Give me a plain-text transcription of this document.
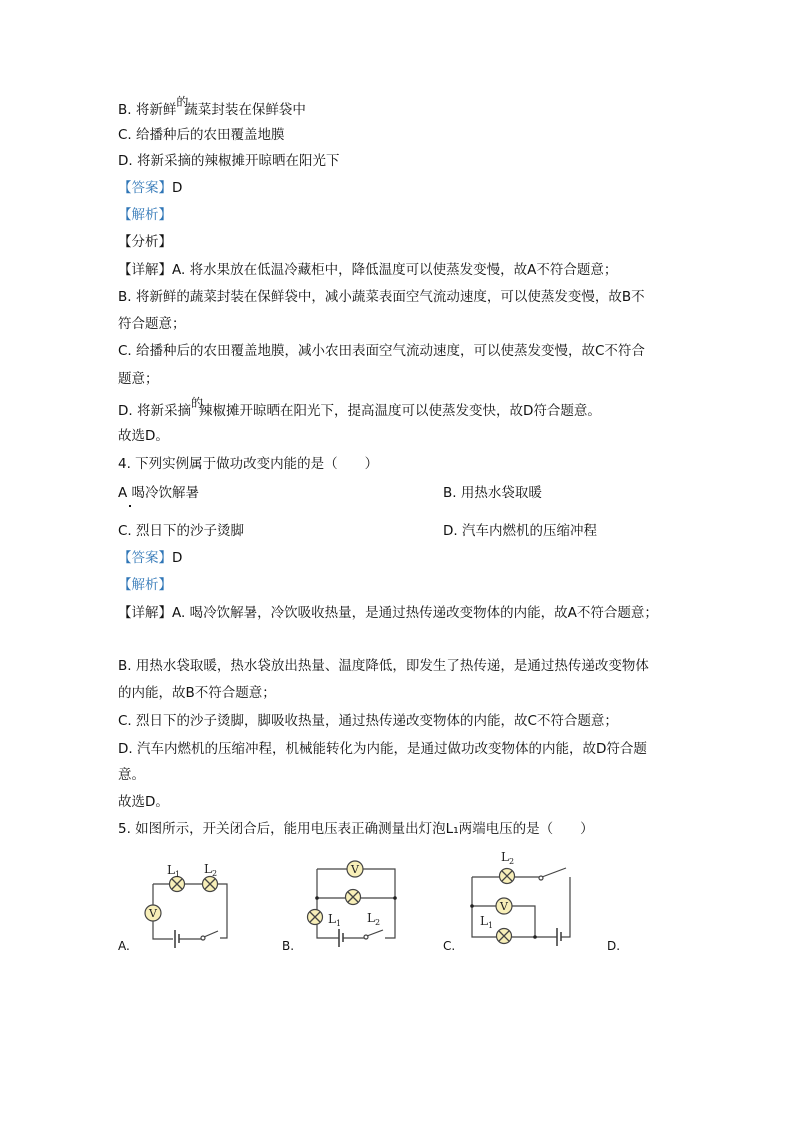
B. 将新鲜的蔬菜封装在保鲜袋中
C. 给播种后的农田覆盖地膜
D. 将新采摘的辣椒摊开晾晒在阳光下
【答案】D
【解析】
【分析】
【详解】A. 将水果放在低温冷藏柜中，降低温度可以使蒸发变慢，故A不符合题意；
B. 将新鲜的蔬菜封装在保鲜袋中，减小蔬菜表面空气流动速度，可以使蒸发变慢，故B不
符合题意；
C. 给播种后的农田覆盖地膜，减小农田表面空气流动速度，可以使蒸发变慢，故C不符合
题意；
D. 将新采摘的辣椒摊开晾晒在阳光下，提高温度可以使蒸发变快，故D符合题意。
故选D。
4. 下列实例属于做功改变内能的是（　　）
A 喝冷饮解暑	B. 用热水袋取暖
C. 烈日下的沙子烫脚	D. 汽车内燃机的压缩冲程
【答案】D
【解析】
【详解】A. 喝冷饮解暑，冷饮吸收热量，是通过热传递改变物体的内能，故A不符合题意；
B. 用热水袋取暖，热水袋放出热量、温度降低，即发生了热传递，是通过热传递改变物体
的内能，故B不符合题意；
C. 烈日下的沙子烫脚，脚吸收热量，通过热传递改变物体的内能，故C不符合题意；
D. 汽车内燃机的压缩冲程，机械能转化为内能，是通过做功改变物体的内能，故D符合题
意。
故选D。
5. 如图所示，开关闭合后，能用电压表正确测量出灯泡L₁两端电压的是（　　）
V
$L_1$ $L_2$	V
$L_1$ $L_2$
V
$L_2$
$L_1$
A.	B.	C.	D.
